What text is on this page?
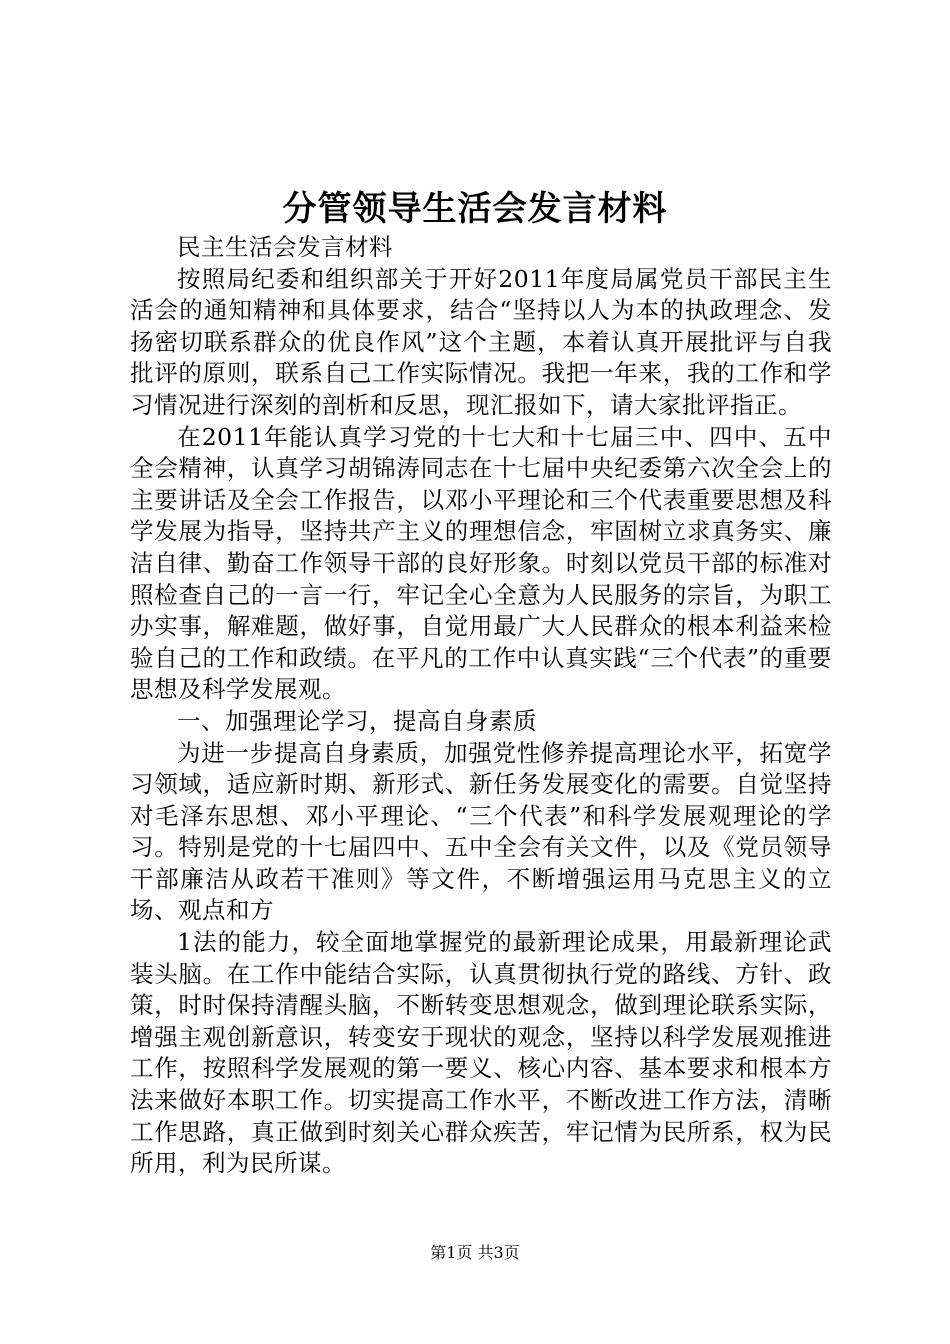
分管领导生活会发言材料

民主生活会发言材料

按照局纪委和组织部关于开好2011年度局属党员干部民主生活会的通知精神和具体要求，结合“坚持以人为本的执政理念、发扬密切联系群众的优良作风”这个主题，本着认真开展批评与自我批评的原则，联系自己工作实际情况。我把一年来，我的工作和学习情况进行深刻的剖析和反思，现汇报如下，请大家批评指正。

在2011年能认真学习党的十七大和十七届三中、四中、五中全会精神，认真学习胡锦涛同志在十七届中央纪委第六次全会上的主要讲话及全会工作报告，以邓小平理论和三个代表重要思想及科学发展为指导，坚持共产主义的理想信念，牢固树立求真务实、廉洁自律、勤奋工作领导干部的良好形象。时刻以党员干部的标准对照检查自己的一言一行，牢记全心全意为人民服务的宗旨，为职工办实事，解难题，做好事，自觉用最广大人民群众的根本利益来检验自己的工作和政绩。在平凡的工作中认真实践“三个代表”的重要思想及科学发展观。

一、加强理论学习，提高自身素质

为进一步提高自身素质，加强党性修养提高理论水平，拓宽学习领域，适应新时期、新形式、新任务发展变化的需要。自觉坚持对毛泽东思想、邓小平理论、“三个代表”和科学发展观理论的学习。特别是党的十七届四中、五中全会有关文件，以及《党员领导干部廉洁从政若干准则》等文件，不断增强运用马克思主义的立场、观点和方

1法的能力，较全面地掌握党的最新理论成果，用最新理论武装头脑。在工作中能结合实际，认真贯彻执行党的路线、方针、政策，时时保持清醒头脑，不断转变思想观念，做到理论联系实际，增强主观创新意识，转变安于现状的观念，坚持以科学发展观推进工作，按照科学发展观的第一要义、核心内容、基本要求和根本方法来做好本职工作。切实提高工作水平，不断改进工作方法，清晰工作思路，真正做到时刻关心群众疾苦，牢记情为民所系，权为民所用，利为民所谋。

第1页 共3页
